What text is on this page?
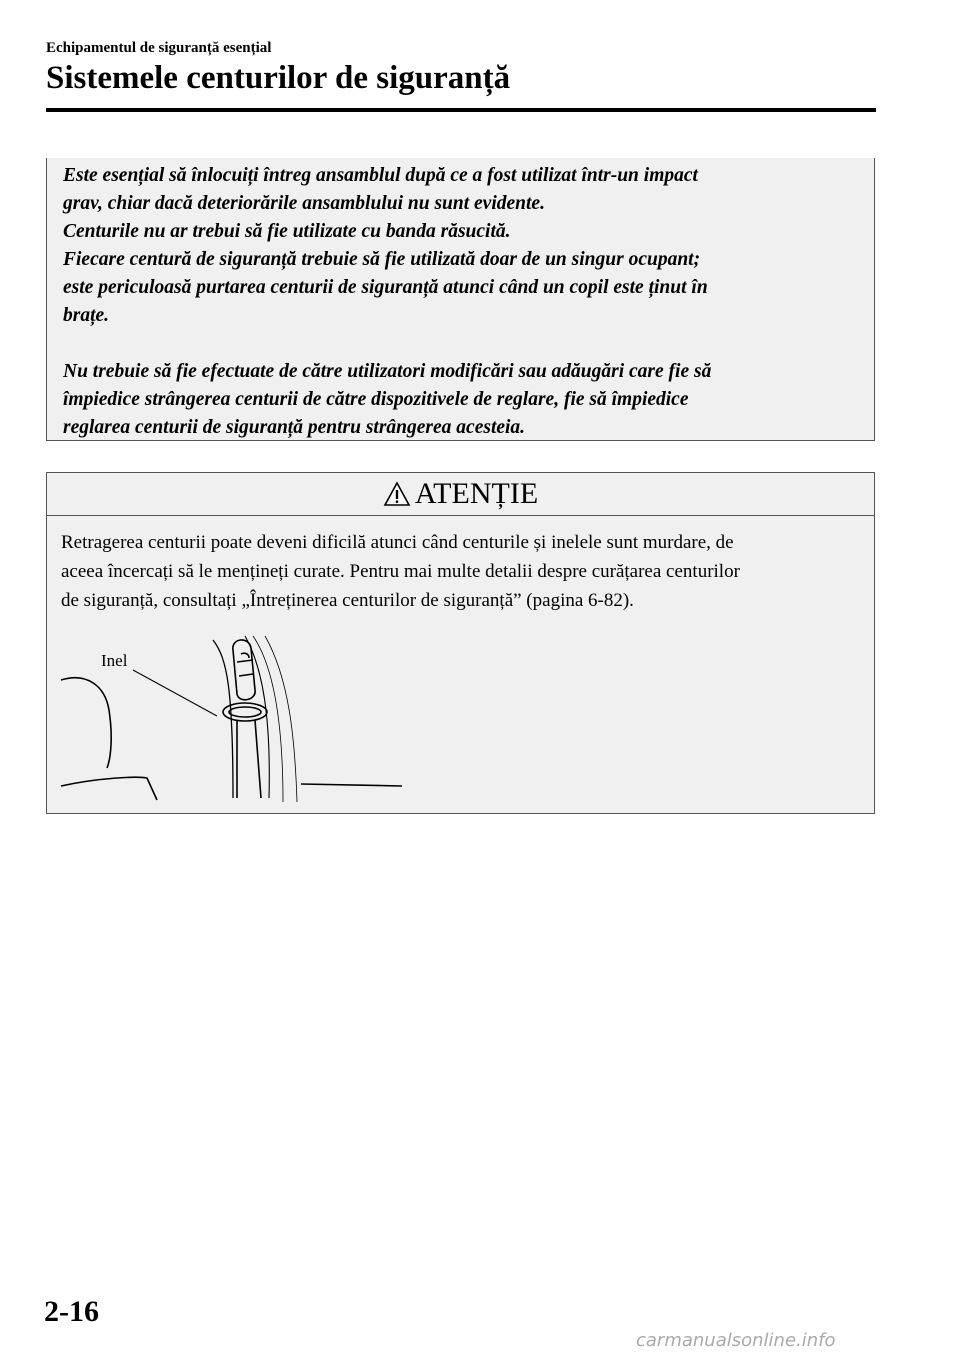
Echipamentul de siguranță esențial
Sistemele centurilor de siguranță

Este esențial să înlocuiți întreg ansamblul după ce a fost utilizat într-un impact

grav, chiar dacă deteriorările ansamblului nu sunt evidente.

Centurile nu ar trebui să fie utilizate cu banda răsucită.

Fiecare centură de siguranță trebuie să fie utilizată doar de un singur ocupant;

este periculoasă purtarea centurii de siguranță atunci când un copil este ținut în

brațe.

Nu trebuie să fie efectuate de către utilizatori modificări sau adăugări care fie să

împiedice strângerea centurii de către dispozitivele de reglare, fie să împiedice

reglarea centurii de siguranță pentru strângerea acesteia.

ATENȚIE
Retragerea centurii poate deveni dificilă atunci când centurile și inelele sunt murdare, de
aceea încercați să le mențineți curate. Pentru mai multe detalii despre curățarea centurilor
de siguranță, consultați „Întreținerea centurilor de siguranță” (pagina 6-82).
Inel
2-16
carmanualsonline.info
